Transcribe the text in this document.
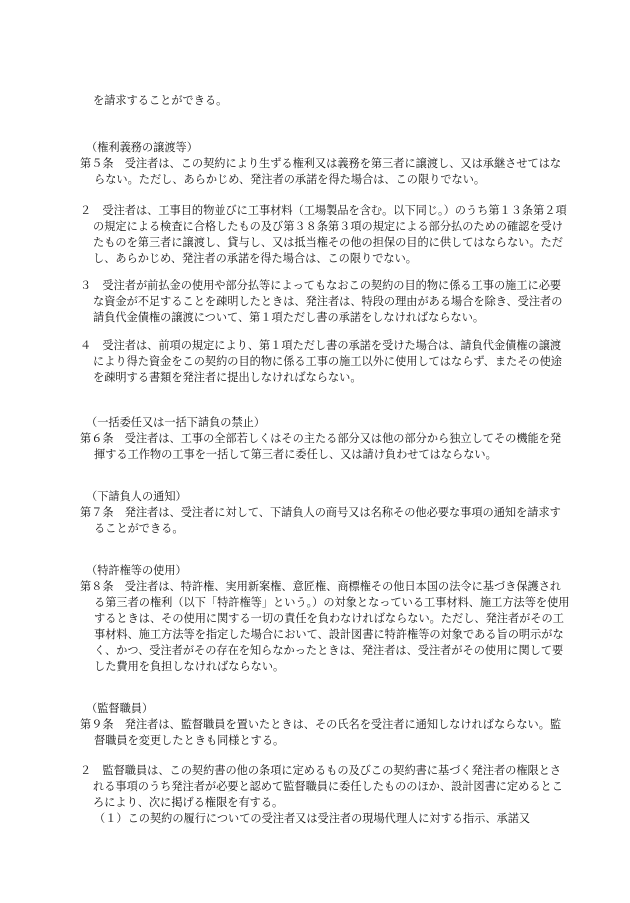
を請求することができる。

（権利義務の譲渡等）

第５条　受注者は、この契約により生ずる権利又は義務を第三者に譲渡し、又は承継させてはならない。ただし、あらかじめ、発注者の承諾を得た場合は、この限りでない。

２　受注者は、工事目的物並びに工事材料（工場製品を含む。以下同じ。）のうち第１３条第２項の規定による検査に合格したもの及び第３８条第３項の規定による部分払のための確認を受けたものを第三者に譲渡し、貸与し、又は抵当権その他の担保の目的に供してはならない。ただし、あらかじめ、発注者の承諾を得た場合は、この限りでない。

３　受注者が前払金の使用や部分払等によってもなおこの契約の目的物に係る工事の施工に必要な資金が不足することを疎明したときは、発注者は、特段の理由がある場合を除き、受注者の請負代金債権の譲渡について、第１項ただし書の承諾をしなければならない。

４　受注者は、前項の規定により、第１項ただし書の承諾を受けた場合は、請負代金債権の譲渡により得た資金をこの契約の目的物に係る工事の施工以外に使用してはならず、またその使途を疎明する書類を発注者に提出しなければならない。

（一括委任又は一括下請負の禁止）

第６条　受注者は、工事の全部若しくはその主たる部分又は他の部分から独立してその機能を発揮する工作物の工事を一括して第三者に委任し、又は請け負わせてはならない。

（下請負人の通知）

第７条　発注者は、受注者に対して、下請負人の商号又は名称その他必要な事項の通知を請求することができる。

（特許権等の使用）

第８条　受注者は、特許権、実用新案権、意匠権、商標権その他日本国の法令に基づき保護される第三者の権利（以下「特許権等」という。）の対象となっている工事材料、施工方法等を使用するときは、その使用に関する一切の責任を負わなければならない。ただし、発注者がその工事材料、施工方法等を指定した場合において、設計図書に特許権等の対象である旨の明示がなく、かつ、受注者がその存在を知らなかったときは、発注者は、受注者がその使用に関して要した費用を負担しなければならない。

（監督職員）

第９条　発注者は、監督職員を置いたときは、その氏名を受注者に通知しなければならない。監督職員を変更したときも同様とする。

２　監督職員は、この契約書の他の条項に定めるもの及びこの契約書に基づく発注者の権限とされる事項のうち発注者が必要と認めて監督職員に委任したもののほか、設計図書に定めるところにより、次に掲げる権限を有する。

（１）この契約の履行についての受注者又は受注者の現場代理人に対する指示、承諾又
